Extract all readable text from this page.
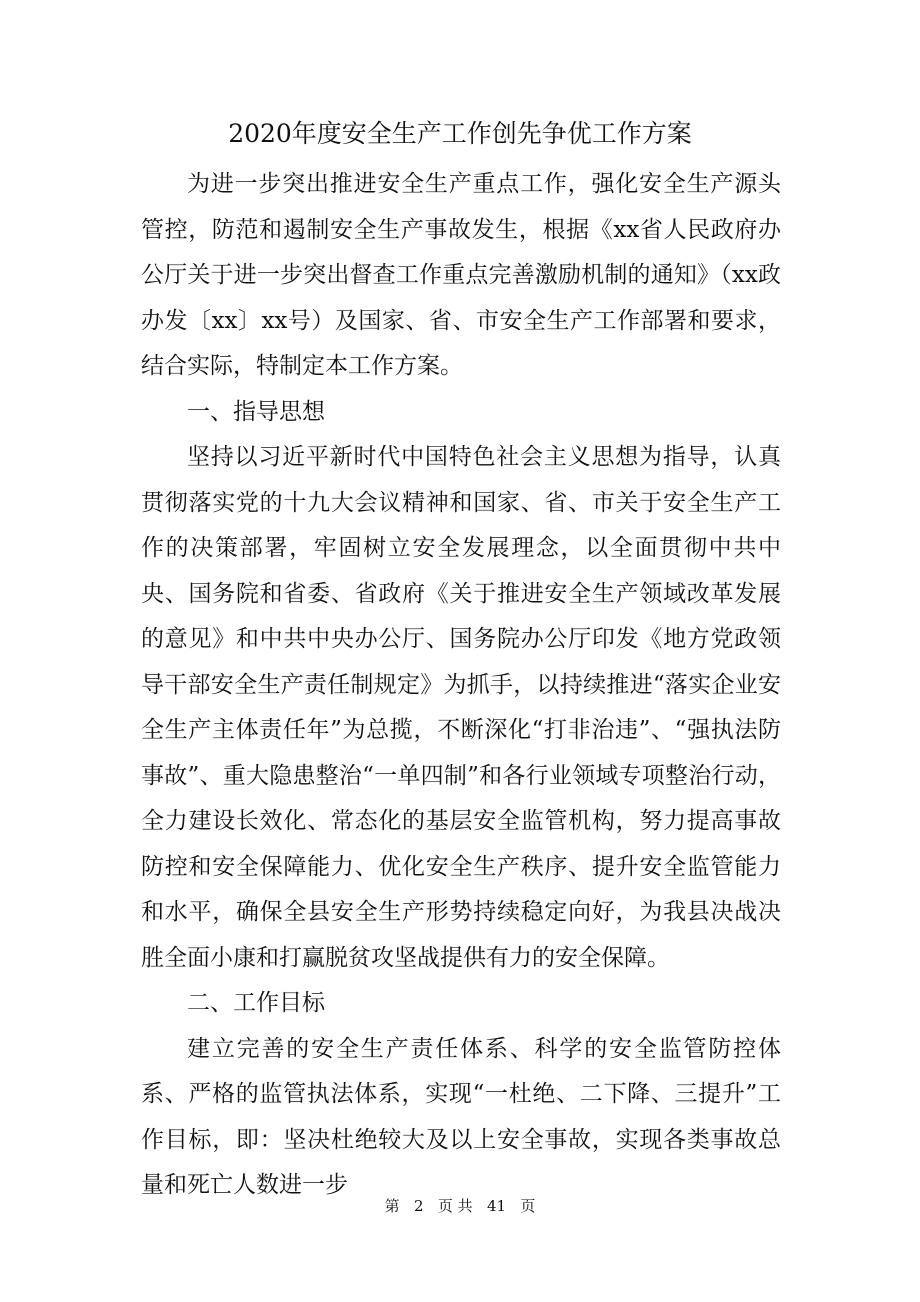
2020年度安全生产工作创先争优工作方案

为进一步突出推进安全生产重点工作，强化安全生产源头管控，防范和遏制安全生产事故发生，根据《xx省人民政府办公厅关于进一步突出督查工作重点完善激励机制的通知》（xx政办发〔xx〕xx号）及国家、省、市安全生产工作部署和要求，结合实际，特制定本工作方案。

一、指导思想

坚持以习近平新时代中国特色社会主义思想为指导，认真贯彻落实党的十九大会议精神和国家、省、市关于安全生产工作的决策部署，牢固树立安全发展理念，以全面贯彻中共中央、国务院和省委、省政府《关于推进安全生产领域改革发展的意见》和中共中央办公厅、国务院办公厅印发《地方党政领导干部安全生产责任制规定》为抓手，以持续推进“落实企业安全生产主体责任年”为总揽，不断深化“打非治违”、“强执法防事故”、重大隐患整治“一单四制”和各行业领域专项整治行动，全力建设长效化、常态化的基层安全监管机构，努力提高事故防控和安全保障能力、优化安全生产秩序、提升安全监管能力和水平，确保全县安全生产形势持续稳定向好，为我县决战决胜全面小康和打赢脱贫攻坚战提供有力的安全保障。

二、工作目标

建立完善的安全生产责任体系、科学的安全监管防控体系、严格的监管执法体系，实现“一杜绝、二下降、三提升”工作目标，即：坚决杜绝较大及以上安全事故，实现各类事故总量和死亡人数进一步

第 2 页 共 41 页
